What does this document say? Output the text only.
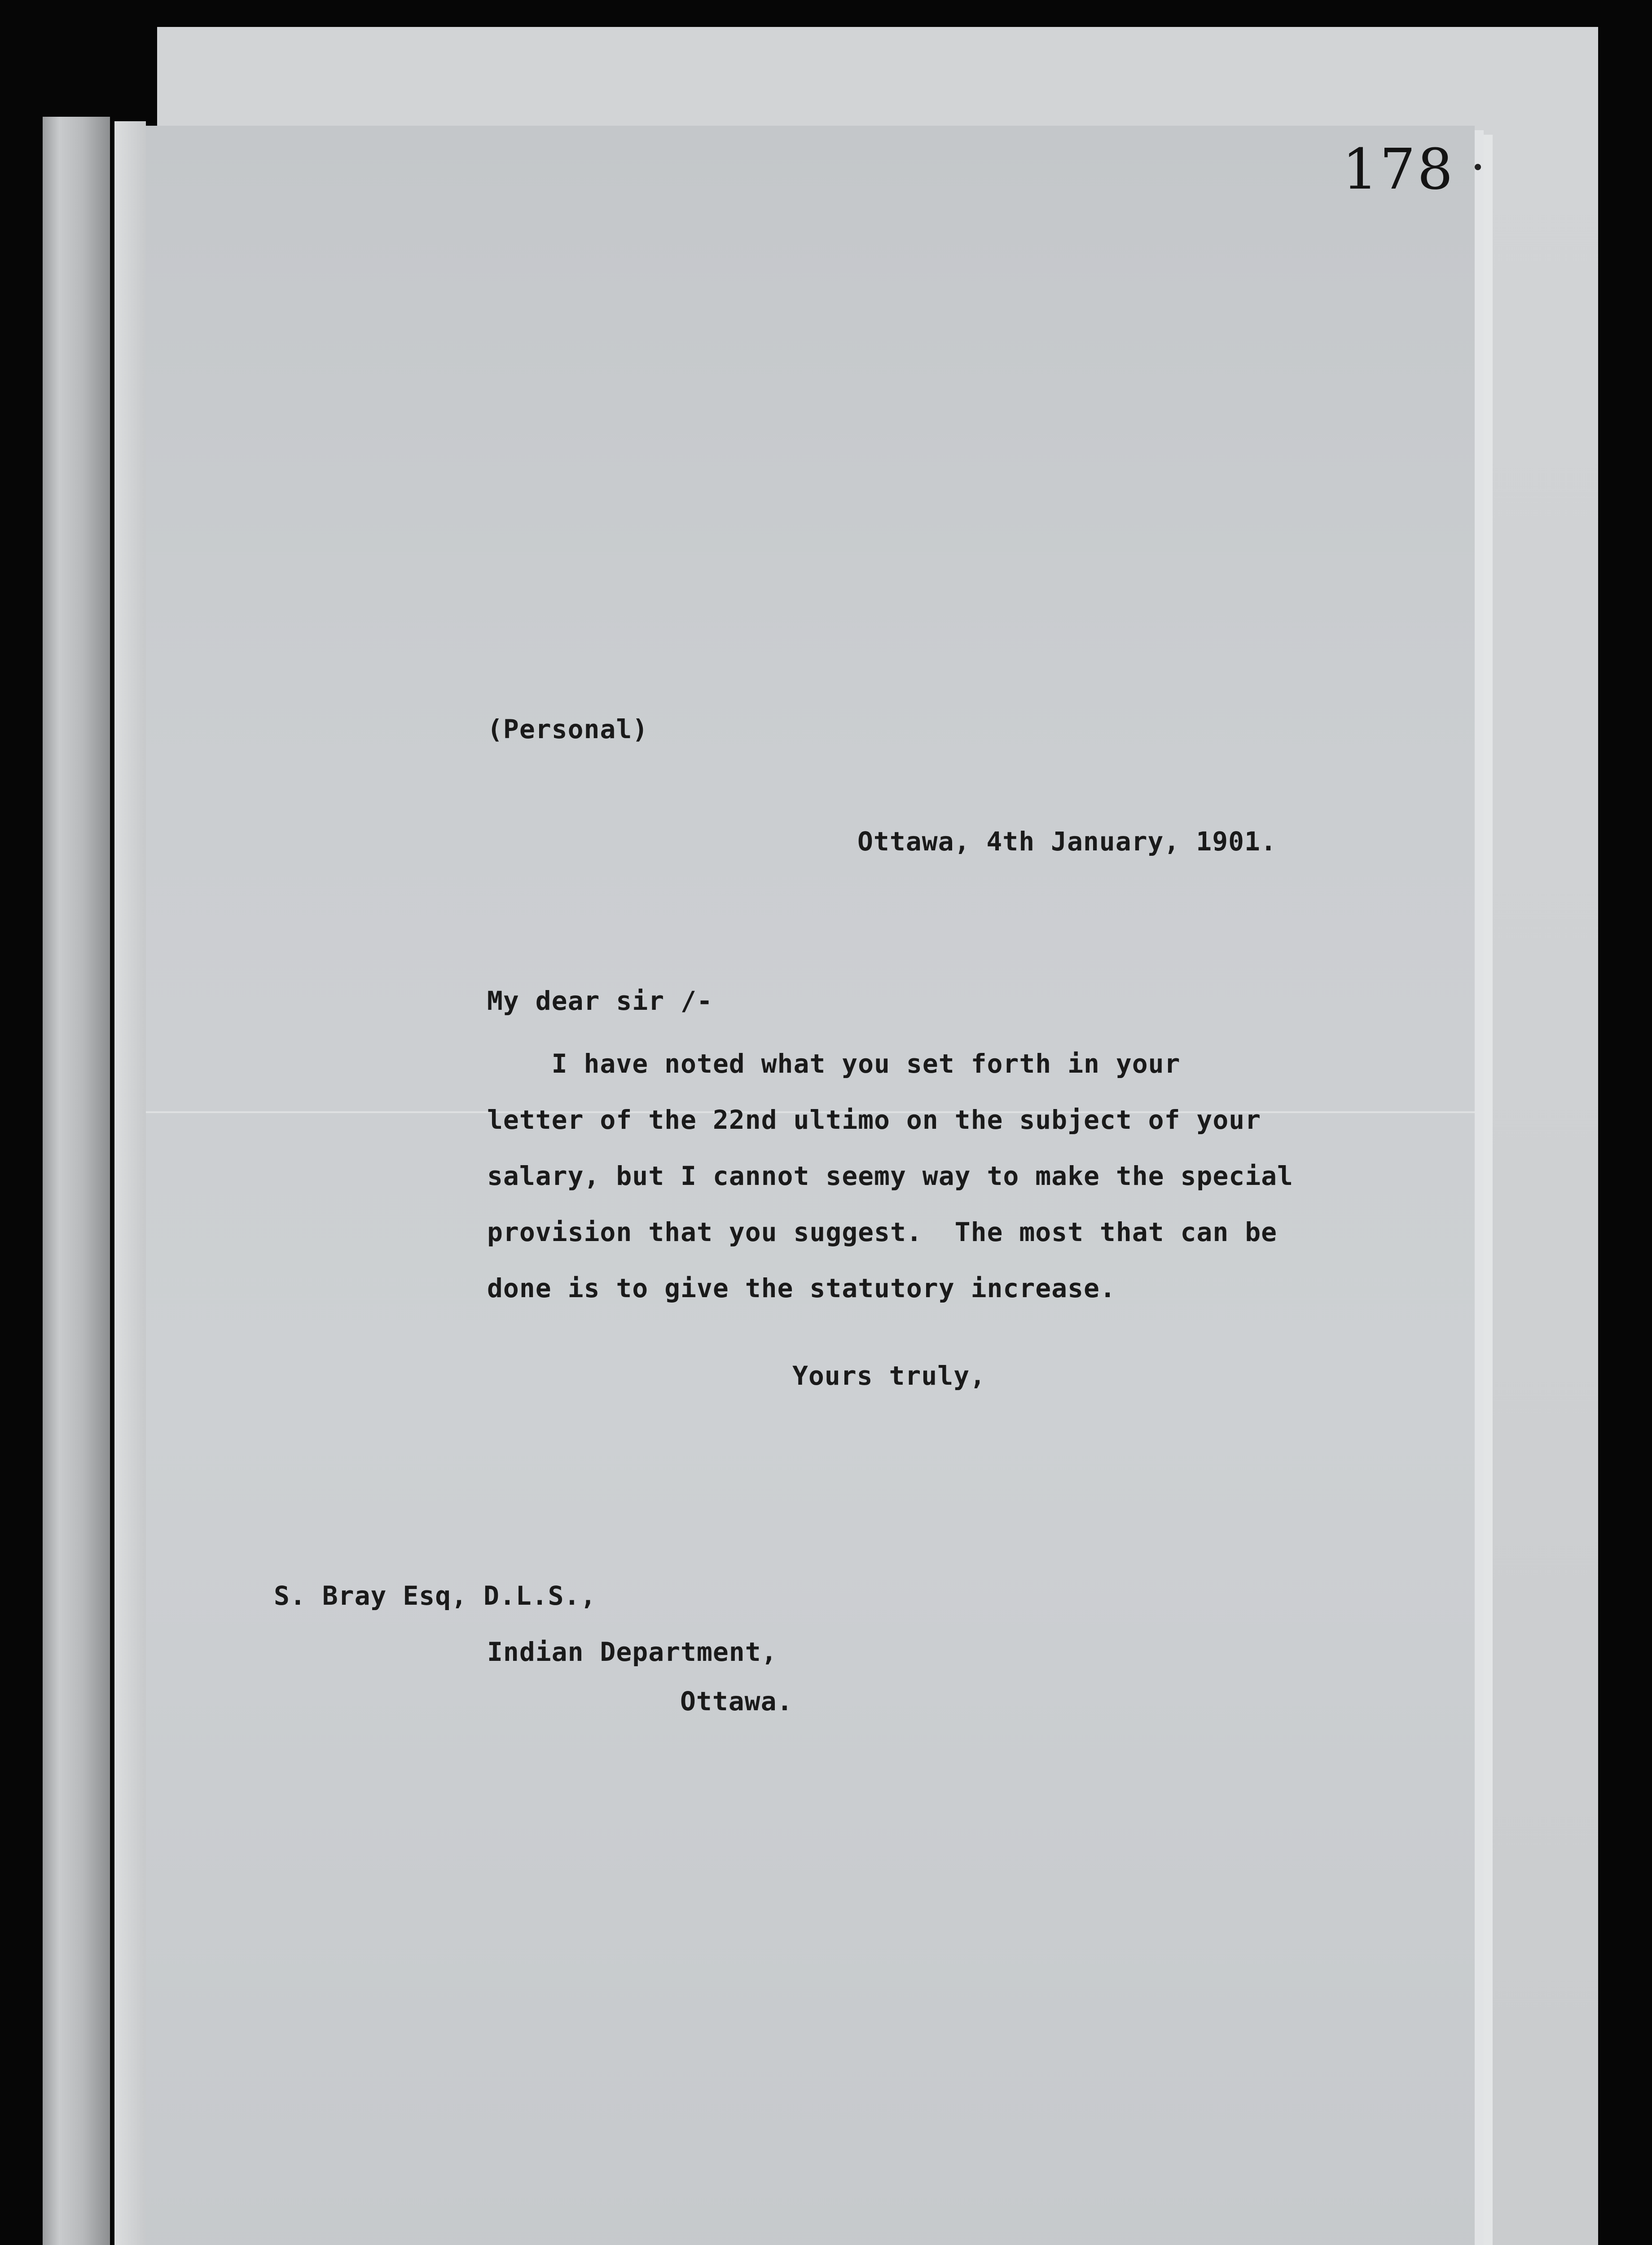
178
(Personal)
Ottawa, 4th January, 1901.
My dear sir /-
I have noted what you set forth in your
letter of the 22nd ultimo on the subject of your
salary, but I cannot seemy way to make the special
provision that you suggest.  The most that can be
done is to give the statutory increase.
Yours truly,
S. Bray Esq, D.L.S.,
Indian Department,
Ottawa.
